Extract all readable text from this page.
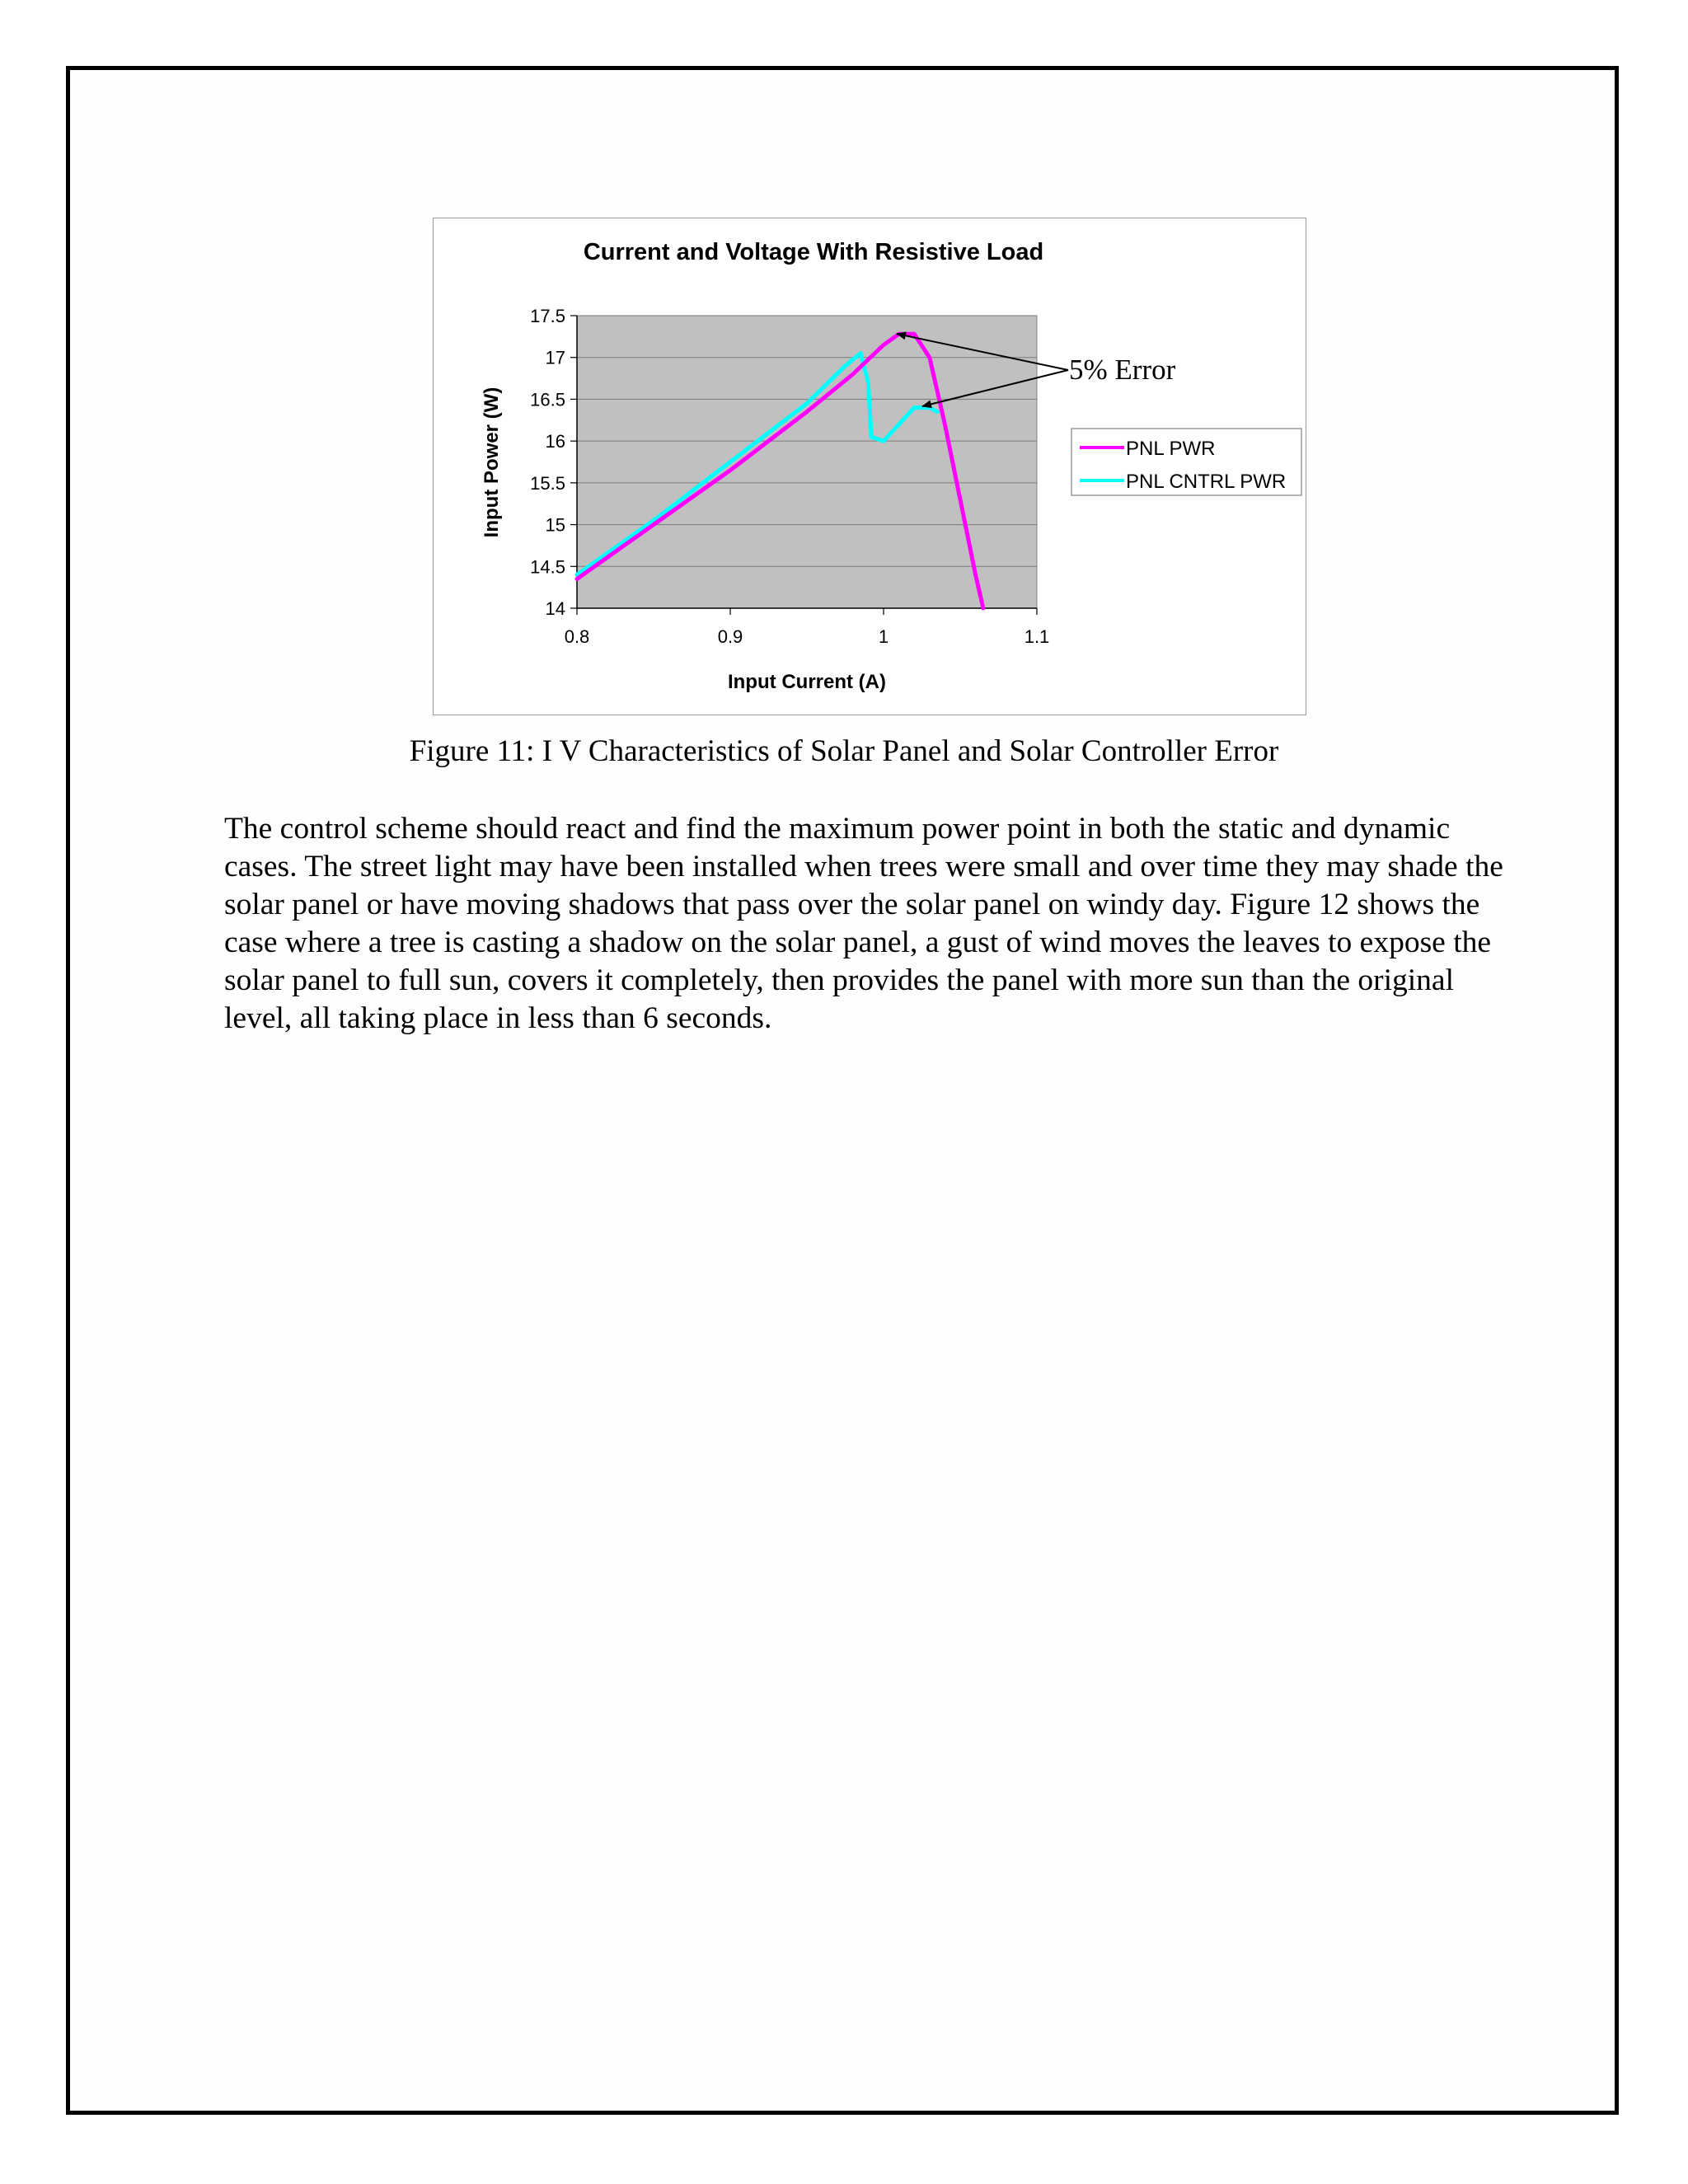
17.5
17
16.5
16
15.5
15
14.5
14
0.8	0.9	1	1.1
Current and Voltage With Resistive Load
Input Current (A)
Input Power (W)
5% Error
PNL PWR
PNL CNTRL PWR
Figure 11: I V Characteristics of Solar Panel and Solar Controller Error
The control scheme should react and find the maximum power point in both the static and dynamic
cases. The street light may have been installed when trees were small and over time they may shade the
solar panel or have moving shadows that pass over the solar panel on windy day. Figure 12 shows the
case where a tree is casting a shadow on the solar panel, a gust of wind moves the leaves to expose the
solar panel to full sun, covers it completely, then provides the panel with more sun than the original
level, all taking place in less than 6 seconds.
